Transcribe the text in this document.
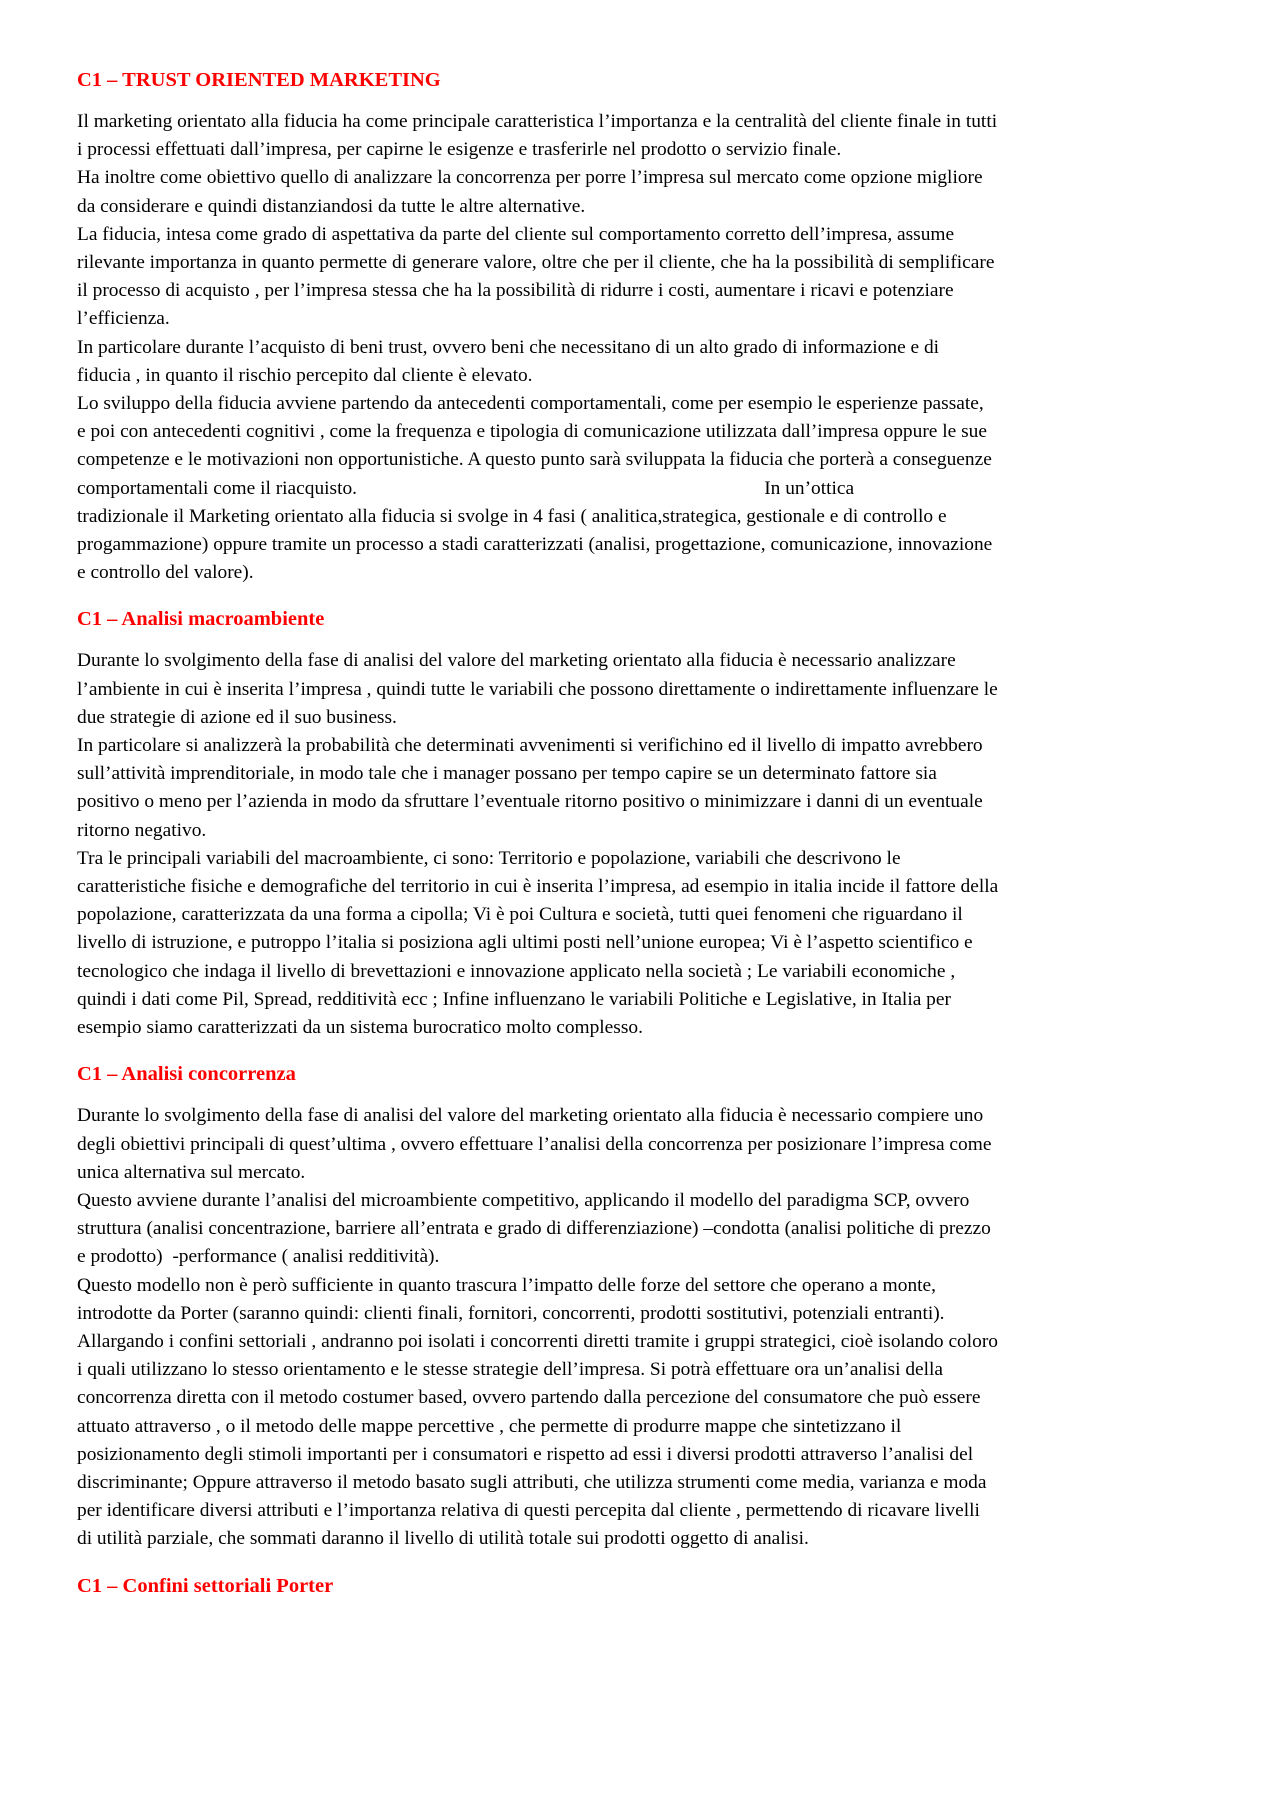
C1 – TRUST ORIENTED MARKETING
Il marketing orientato alla fiducia ha come principale caratteristica l’importanza e la centralità del cliente finale in tutti
i processi effettuati dall’impresa, per capirne le esigenze e trasferirle nel prodotto o servizio finale.
Ha inoltre come obiettivo quello di analizzare la concorrenza per porre l’impresa sul mercato come opzione migliore
da considerare e quindi distanziandosi da tutte le altre alternative.
La fiducia, intesa come grado di aspettativa da parte del cliente sul comportamento corretto dell’impresa, assume
rilevante importanza in quanto permette di generare valore, oltre che per il cliente, che ha la possibilità di semplificare
il processo di acquisto , per l’impresa stessa che ha la possibilità di ridurre i costi, aumentare i ricavi e potenziare
l’efficienza.
In particolare durante l’acquisto di beni trust, ovvero beni che necessitano di un alto grado di informazione e di
fiducia , in quanto il rischio percepito dal cliente è elevato.
Lo sviluppo della fiducia avviene partendo da antecedenti comportamentali, come per esempio le esperienze passate,
e poi con antecedenti cognitivi , come la frequenza e tipologia di comunicazione utilizzata dall’impresa oppure le sue
competenze e le motivazioni non opportunistiche. A questo punto sarà sviluppata la fiducia che porterà a conseguenze
comportamentali come il riacquisto.                                                                                    In un’ottica
tradizionale il Marketing orientato alla fiducia si svolge in 4 fasi ( analitica,strategica, gestionale e di controllo e
progammazione) oppure tramite un processo a stadi caratterizzati (analisi, progettazione, comunicazione, innovazione
e controllo del valore).
C1 – Analisi macroambiente
Durante lo svolgimento della fase di analisi del valore del marketing orientato alla fiducia è necessario analizzare
l’ambiente in cui è inserita l’impresa , quindi tutte le variabili che possono direttamente o indirettamente influenzare le
due strategie di azione ed il suo business.
In particolare si analizzerà la probabilità che determinati avvenimenti si verifichino ed il livello di impatto avrebbero
sull’attività imprenditoriale, in modo tale che i manager possano per tempo capire se un determinato fattore sia
positivo o meno per l’azienda in modo da sfruttare l’eventuale ritorno positivo o minimizzare i danni di un eventuale
ritorno negativo.
Tra le principali variabili del macroambiente, ci sono: Territorio e popolazione, variabili che descrivono le
caratteristiche fisiche e demografiche del territorio in cui è inserita l’impresa, ad esempio in italia incide il fattore della
popolazione, caratterizzata da una forma a cipolla; Vi è poi Cultura e società, tutti quei fenomeni che riguardano il
livello di istruzione, e putroppo l’italia si posiziona agli ultimi posti nell’unione europea; Vi è l’aspetto scientifico e
tecnologico che indaga il livello di brevettazioni e innovazione applicato nella società ; Le variabili economiche ,
quindi i dati come Pil, Spread, redditività ecc ; Infine influenzano le variabili Politiche e Legislative, in Italia per
esempio siamo caratterizzati da un sistema burocratico molto complesso.
C1 – Analisi concorrenza
Durante lo svolgimento della fase di analisi del valore del marketing orientato alla fiducia è necessario compiere uno
degli obiettivi principali di quest’ultima , ovvero effettuare l’analisi della concorrenza per posizionare l’impresa come
unica alternativa sul mercato.
Questo avviene durante l’analisi del microambiente competitivo, applicando il modello del paradigma SCP, ovvero
struttura (analisi concentrazione, barriere all’entrata e grado di differenziazione) –condotta (analisi politiche di prezzo
e prodotto)  -performance ( analisi redditività).
Questo modello non è però sufficiente in quanto trascura l’impatto delle forze del settore che operano a monte,
introdotte da Porter (saranno quindi: clienti finali, fornitori, concorrenti, prodotti sostitutivi, potenziali entranti).
Allargando i confini settoriali , andranno poi isolati i concorrenti diretti tramite i gruppi strategici, cioè isolando coloro
i quali utilizzano lo stesso orientamento e le stesse strategie dell’impresa. Si potrà effettuare ora un’analisi della
concorrenza diretta con il metodo costumer based, ovvero partendo dalla percezione del consumatore che può essere
attuato attraverso , o il metodo delle mappe percettive , che permette di produrre mappe che sintetizzano il
posizionamento degli stimoli importanti per i consumatori e rispetto ad essi i diversi prodotti attraverso l’analisi del
discriminante; Oppure attraverso il metodo basato sugli attributi, che utilizza strumenti come media, varianza e moda
per identificare diversi attributi e l’importanza relativa di questi percepita dal cliente , permettendo di ricavare livelli
di utilità parziale, che sommati daranno il livello di utilità totale sui prodotti oggetto di analisi.
C1 – Confini settoriali Porter
